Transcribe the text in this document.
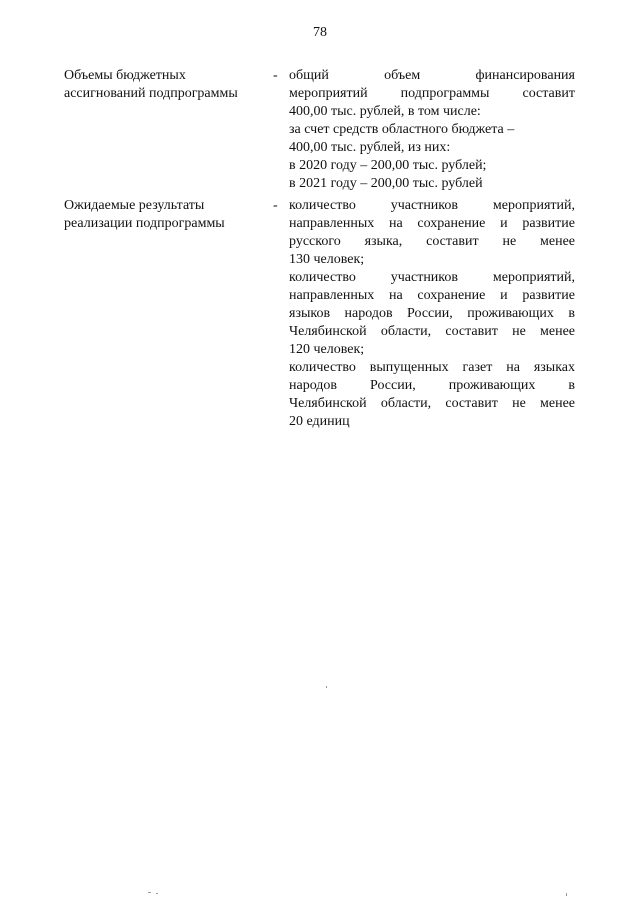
78
Объемы бюджетных
ассигнований подпрограммы
- общий объем финансирования
мероприятий подпрограммы составит
400,00 тыс. рублей, в том числе:
за счет средств областного бюджета –
400,00 тыс. рублей, из них:
в 2020 году – 200,00 тыс. рублей;
в 2021 году – 200,00 тыс. рублей
Ожидаемые результаты
реализации подпрограммы
- количество участников мероприятий,
направленных на сохранение и развитие
русского языка, составит не менее
130 человек;
количество участников мероприятий,
направленных на сохранение и развитие
языков народов России, проживающих в
Челябинской области, составит не менее
120 человек;
количество выпущенных газет на языках
народов России, проживающих в
Челябинской области, составит не менее
20 единиц
